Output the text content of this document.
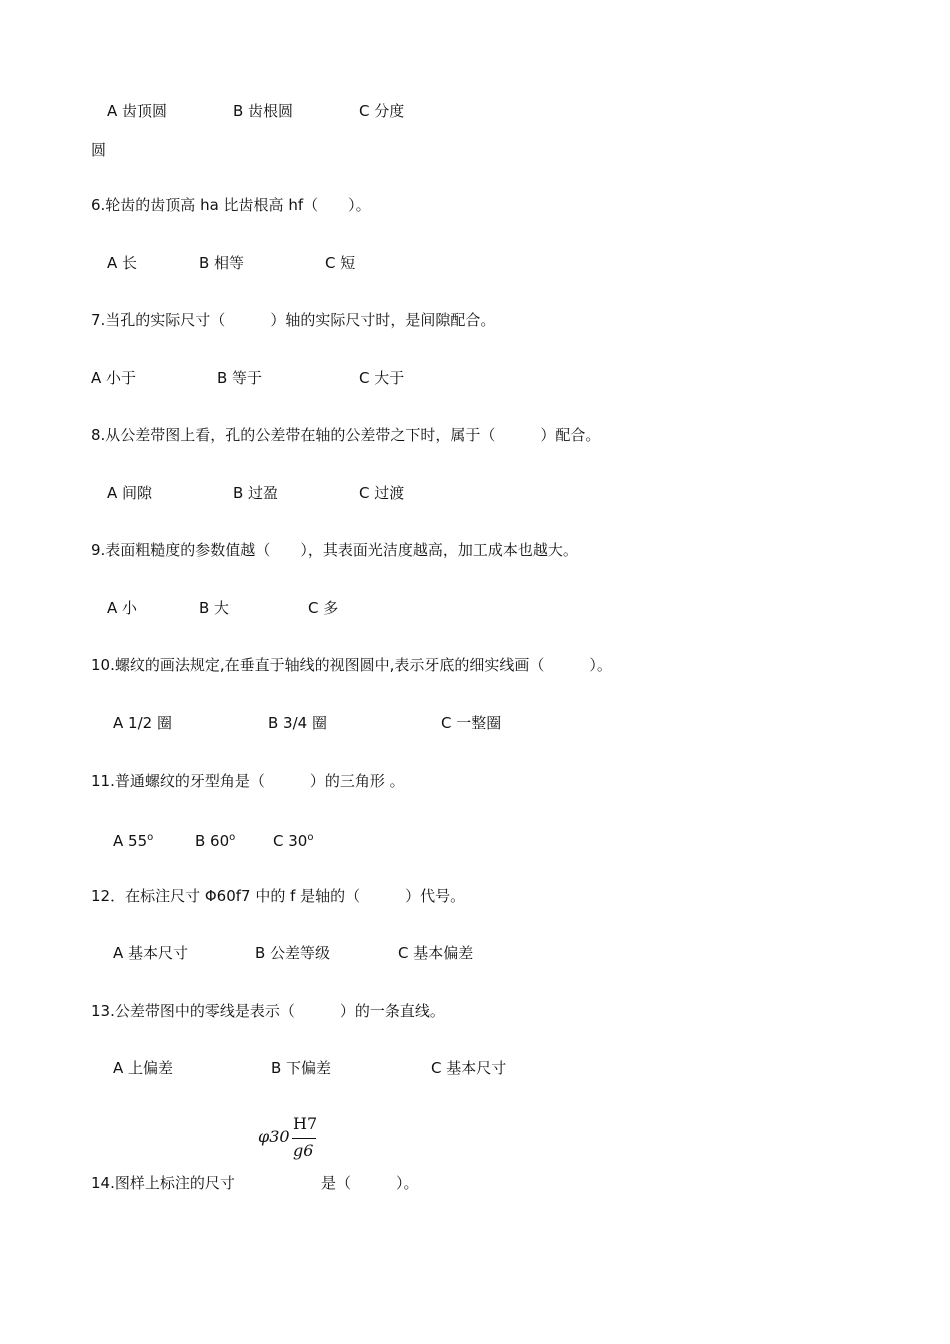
A 齿顶圆	B 齿根圆	C 分度
圆
6.轮齿的齿顶高 ha 比齿根高 hf（　　）。
A 长	B 相等	C 短
7.当孔的实际尺寸（　　　）轴的实际尺寸时，是间隙配合。
A 小于	B 等于	C 大于
8.从公差带图上看，孔的公差带在轴的公差带之下时，属于（　　　）配合。
A 间隙	B 过盈	C 过渡
9.表面粗糙度的参数值越（　　），其表面光洁度越高，加工成本也越大。
A 小	B 大	C 多
10.螺纹的画法规定,在垂直于轴线的视图圆中,表示牙底的细实线画（　　　）。
A 1/2 圈	B 3/4 圈	C 一整圈
11.普通螺纹的牙型角是（　　　）的三角形 。
A 55$^o$	B 60$^o$	C 30$^o$
12．在标注尺寸 Φ60f7 中的 f 是轴的（　　　）代号。
A 基本尺寸	B 公差等级	C 基本偏差
13.公差带图中的零线是表示（　　　）的一条直线。
A 上偏差	B 下偏差	C 基本尺寸
φ30
H7
g6
14.图样上标注的尺寸	是（　　　）。
